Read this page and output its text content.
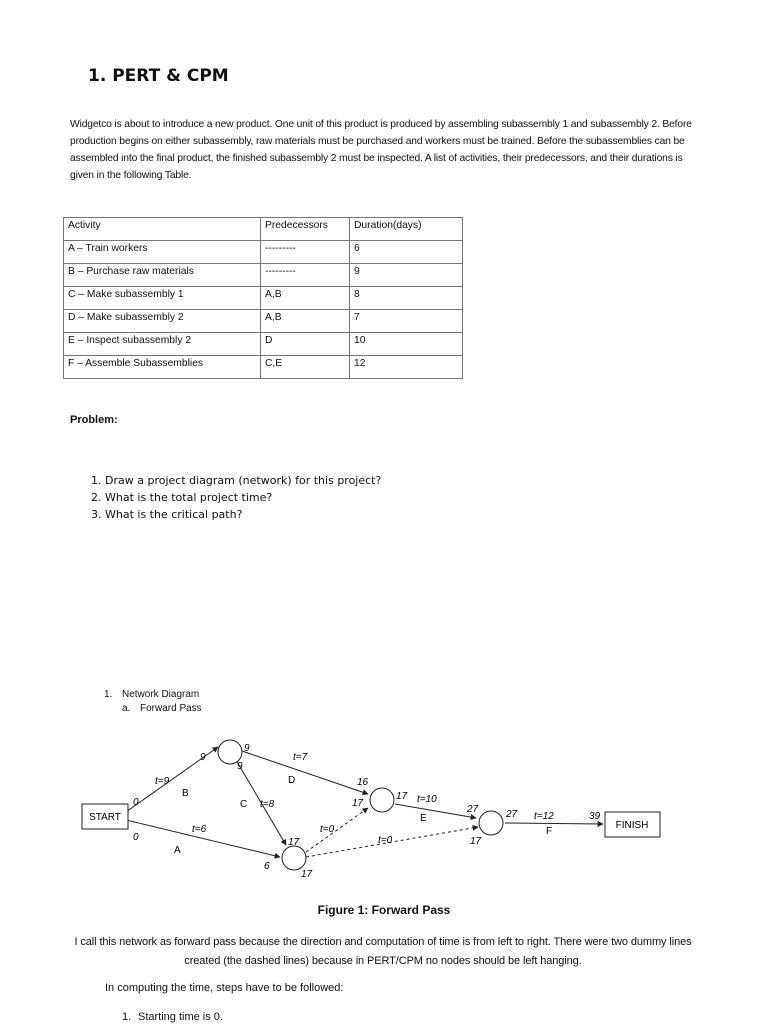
1. PERT & CPM

Widgetco is about to introduce a new product. One unit of this product is produced by assembling subassembly 1 and subassembly 2. Before production begins on either subassembly, raw materials must be purchased and workers must be trained. Before the subassemblies can be assembled into the final product, the finished subassembly 2 must be inspected. A list of activities, their predecessors, and their durations is given in the following Table.

Activity	Predecessors	Duration(days)
A – Train workers	---------	6
B – Purchase raw materials	---------	9
C – Make subassembly 1	A,B	8
D – Make subassembly 2	A,B	7
E – Inspect subassembly 2	D	10
F – Assemble Subassemblies	C,E	12
Problem:
1. Draw a project diagram (network) for this project?
2. What is the total project time?
3. What is the critical path?
1. Network Diagram
a. Forward Pass
START
FINISH
0
0
t=9
9
9
9
t=7
t=8
t=6
6
17
17
16
17
17 t=10
t=0
t=0
27
17
27 t=12	39
B
D
C
A
E
F
Figure 1: Forward Pass

I call this network as forward pass because the direction and computation of time is from left to right. There were two dummy lines created (the dashed lines) because in PERT/CPM no nodes should be left hanging.

In computing the time, steps have to be followed:
1. Starting time is 0.
